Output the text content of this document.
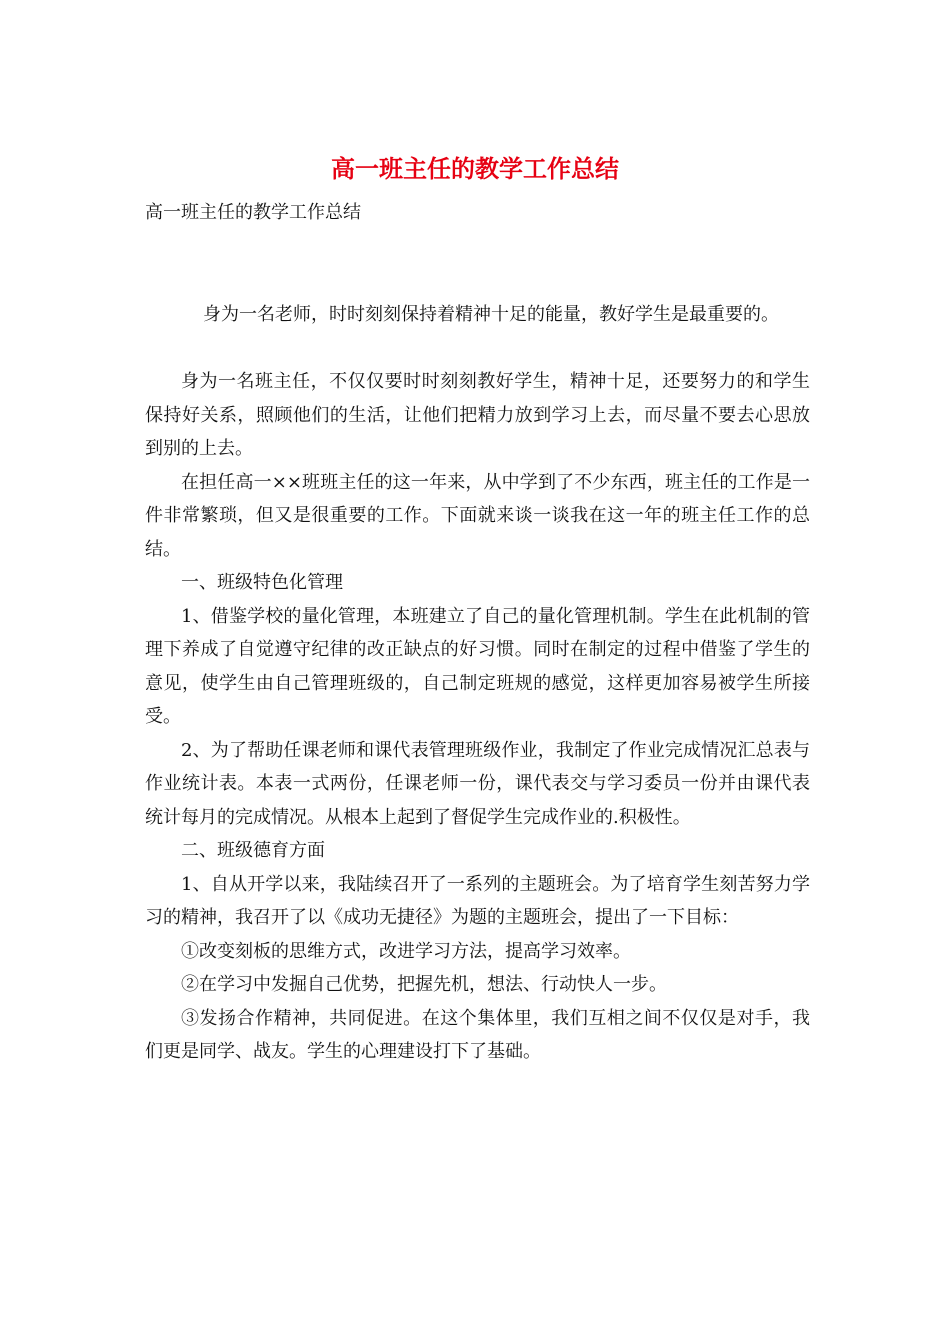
高一班主任的教学工作总结
高一班主任的教学工作总结

身为一名老师，时时刻刻保持着精神十足的能量，教好学生是最重要的。

身为一名班主任，不仅仅要时时刻刻教好学生，精神十足，还要努力的和学生保持好关系，照顾他们的生活，让他们把精力放到学习上去，而尽量不要去心思放到别的上去。

在担任高一××班班主任的这一年来，从中学到了不少东西，班主任的工作是一件非常繁琐，但又是很重要的工作。下面就来谈一谈我在这一年的班主任工作的总结。

一、班级特色化管理

1、借鉴学校的量化管理，本班建立了自己的量化管理机制。学生在此机制的管理下养成了自觉遵守纪律的改正缺点的好习惯。同时在制定的过程中借鉴了学生的意见，使学生由自己管理班级的，自己制定班规的感觉，这样更加容易被学生所接受。

2、为了帮助任课老师和课代表管理班级作业，我制定了作业完成情况汇总表与作业统计表。本表一式两份，任课老师一份，课代表交与学习委员一份并由课代表统计每月的完成情况。从根本上起到了督促学生完成作业的.积极性。

二、班级德育方面

1、自从开学以来，我陆续召开了一系列的主题班会。为了培育学生刻苦努力学习的精神，我召开了以《成功无捷径》为题的主题班会，提出了一下目标：

①改变刻板的思维方式，改进学习方法，提高学习效率。

②在学习中发掘自己优势，把握先机，想法、行动快人一步。

③发扬合作精神，共同促进。在这个集体里，我们互相之间不仅仅是对手，我们更是同学、战友。学生的心理建设打下了基础。
